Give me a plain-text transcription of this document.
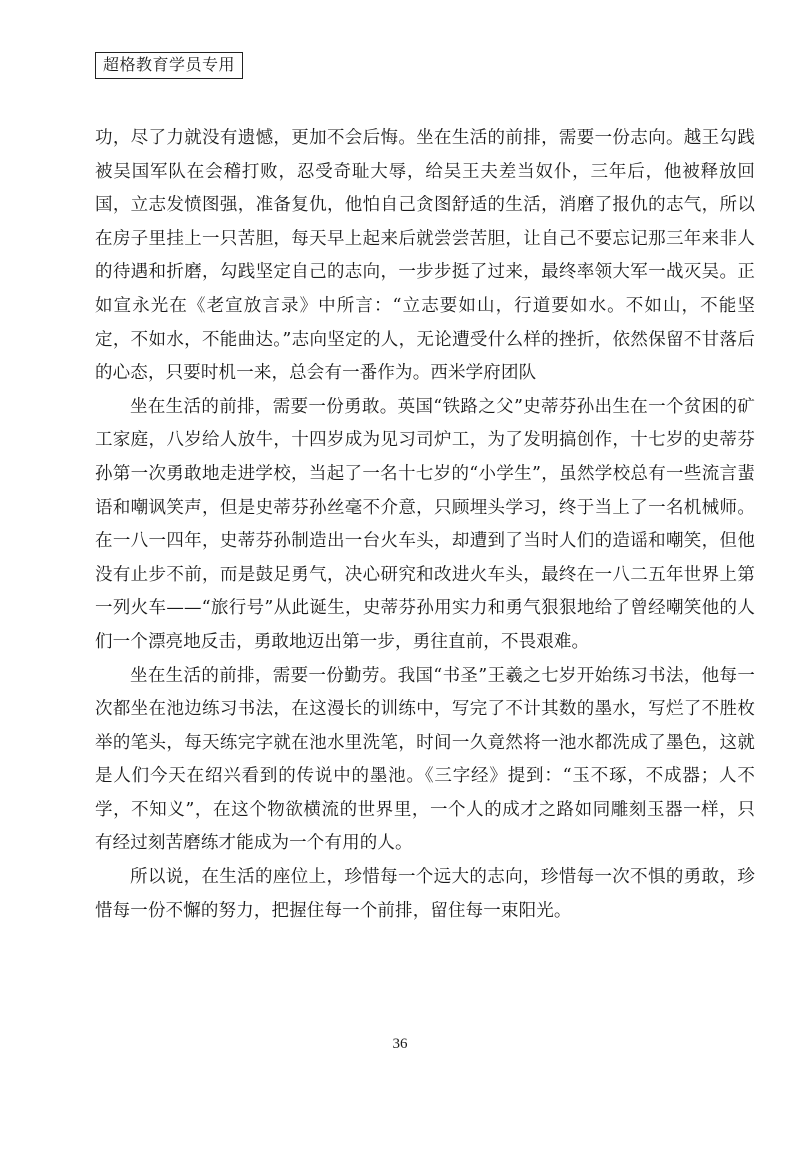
超格教育学员专用

功，尽了力就没有遗憾，更加不会后悔。坐在生活的前排，需要一份志向。越王勾践被吴国军队在会稽打败，忍受奇耻大辱，给吴王夫差当奴仆，三年后，他被释放回国，立志发愤图强，准备复仇，他怕自己贪图舒适的生活，消磨了报仇的志气，所以在房子里挂上一只苦胆，每天早上起来后就尝尝苦胆，让自己不要忘记那三年来非人的待遇和折磨，勾践坚定自己的志向，一步步挺了过来，最终率领大军一战灭吴。正如宣永光在《老宣放言录》中所言：“立志要如山，行道要如水。不如山，不能坚定，不如水，不能曲达。”志向坚定的人，无论遭受什么样的挫折，依然保留不甘落后的心态，只要时机一来，总会有一番作为。西米学府团队

坐在生活的前排，需要一份勇敢。英国“铁路之父”史蒂芬孙出生在一个贫困的矿工家庭，八岁给人放牛，十四岁成为见习司炉工，为了发明搞创作，十七岁的史蒂芬孙第一次勇敢地走进学校，当起了一名十七岁的“小学生”，虽然学校总有一些流言蜚语和嘲讽笑声，但是史蒂芬孙丝毫不介意，只顾埋头学习，终于当上了一名机械师。在一八一四年，史蒂芬孙制造出一台火车头，却遭到了当时人们的造谣和嘲笑，但他没有止步不前，而是鼓足勇气，决心研究和改进火车头，最终在一八二五年世界上第一列火车——“旅行号”从此诞生，史蒂芬孙用实力和勇气狠狠地给了曾经嘲笑他的人们一个漂亮地反击，勇敢地迈出第一步，勇往直前，不畏艰难。

坐在生活的前排，需要一份勤劳。我国“书圣”王羲之七岁开始练习书法，他每一次都坐在池边练习书法，在这漫长的训练中，写完了不计其数的墨水，写烂了不胜枚举的笔头，每天练完字就在池水里洗笔，时间一久竟然将一池水都洗成了墨色，这就是人们今天在绍兴看到的传说中的墨池。《三字经》提到：“玉不琢，不成器；人不学，不知义”，在这个物欲横流的世界里，一个人的成才之路如同雕刻玉器一样，只有经过刻苦磨练才能成为一个有用的人。

所以说，在生活的座位上，珍惜每一个远大的志向，珍惜每一次不惧的勇敢，珍惜每一份不懈的努力，把握住每一个前排，留住每一束阳光。

36
